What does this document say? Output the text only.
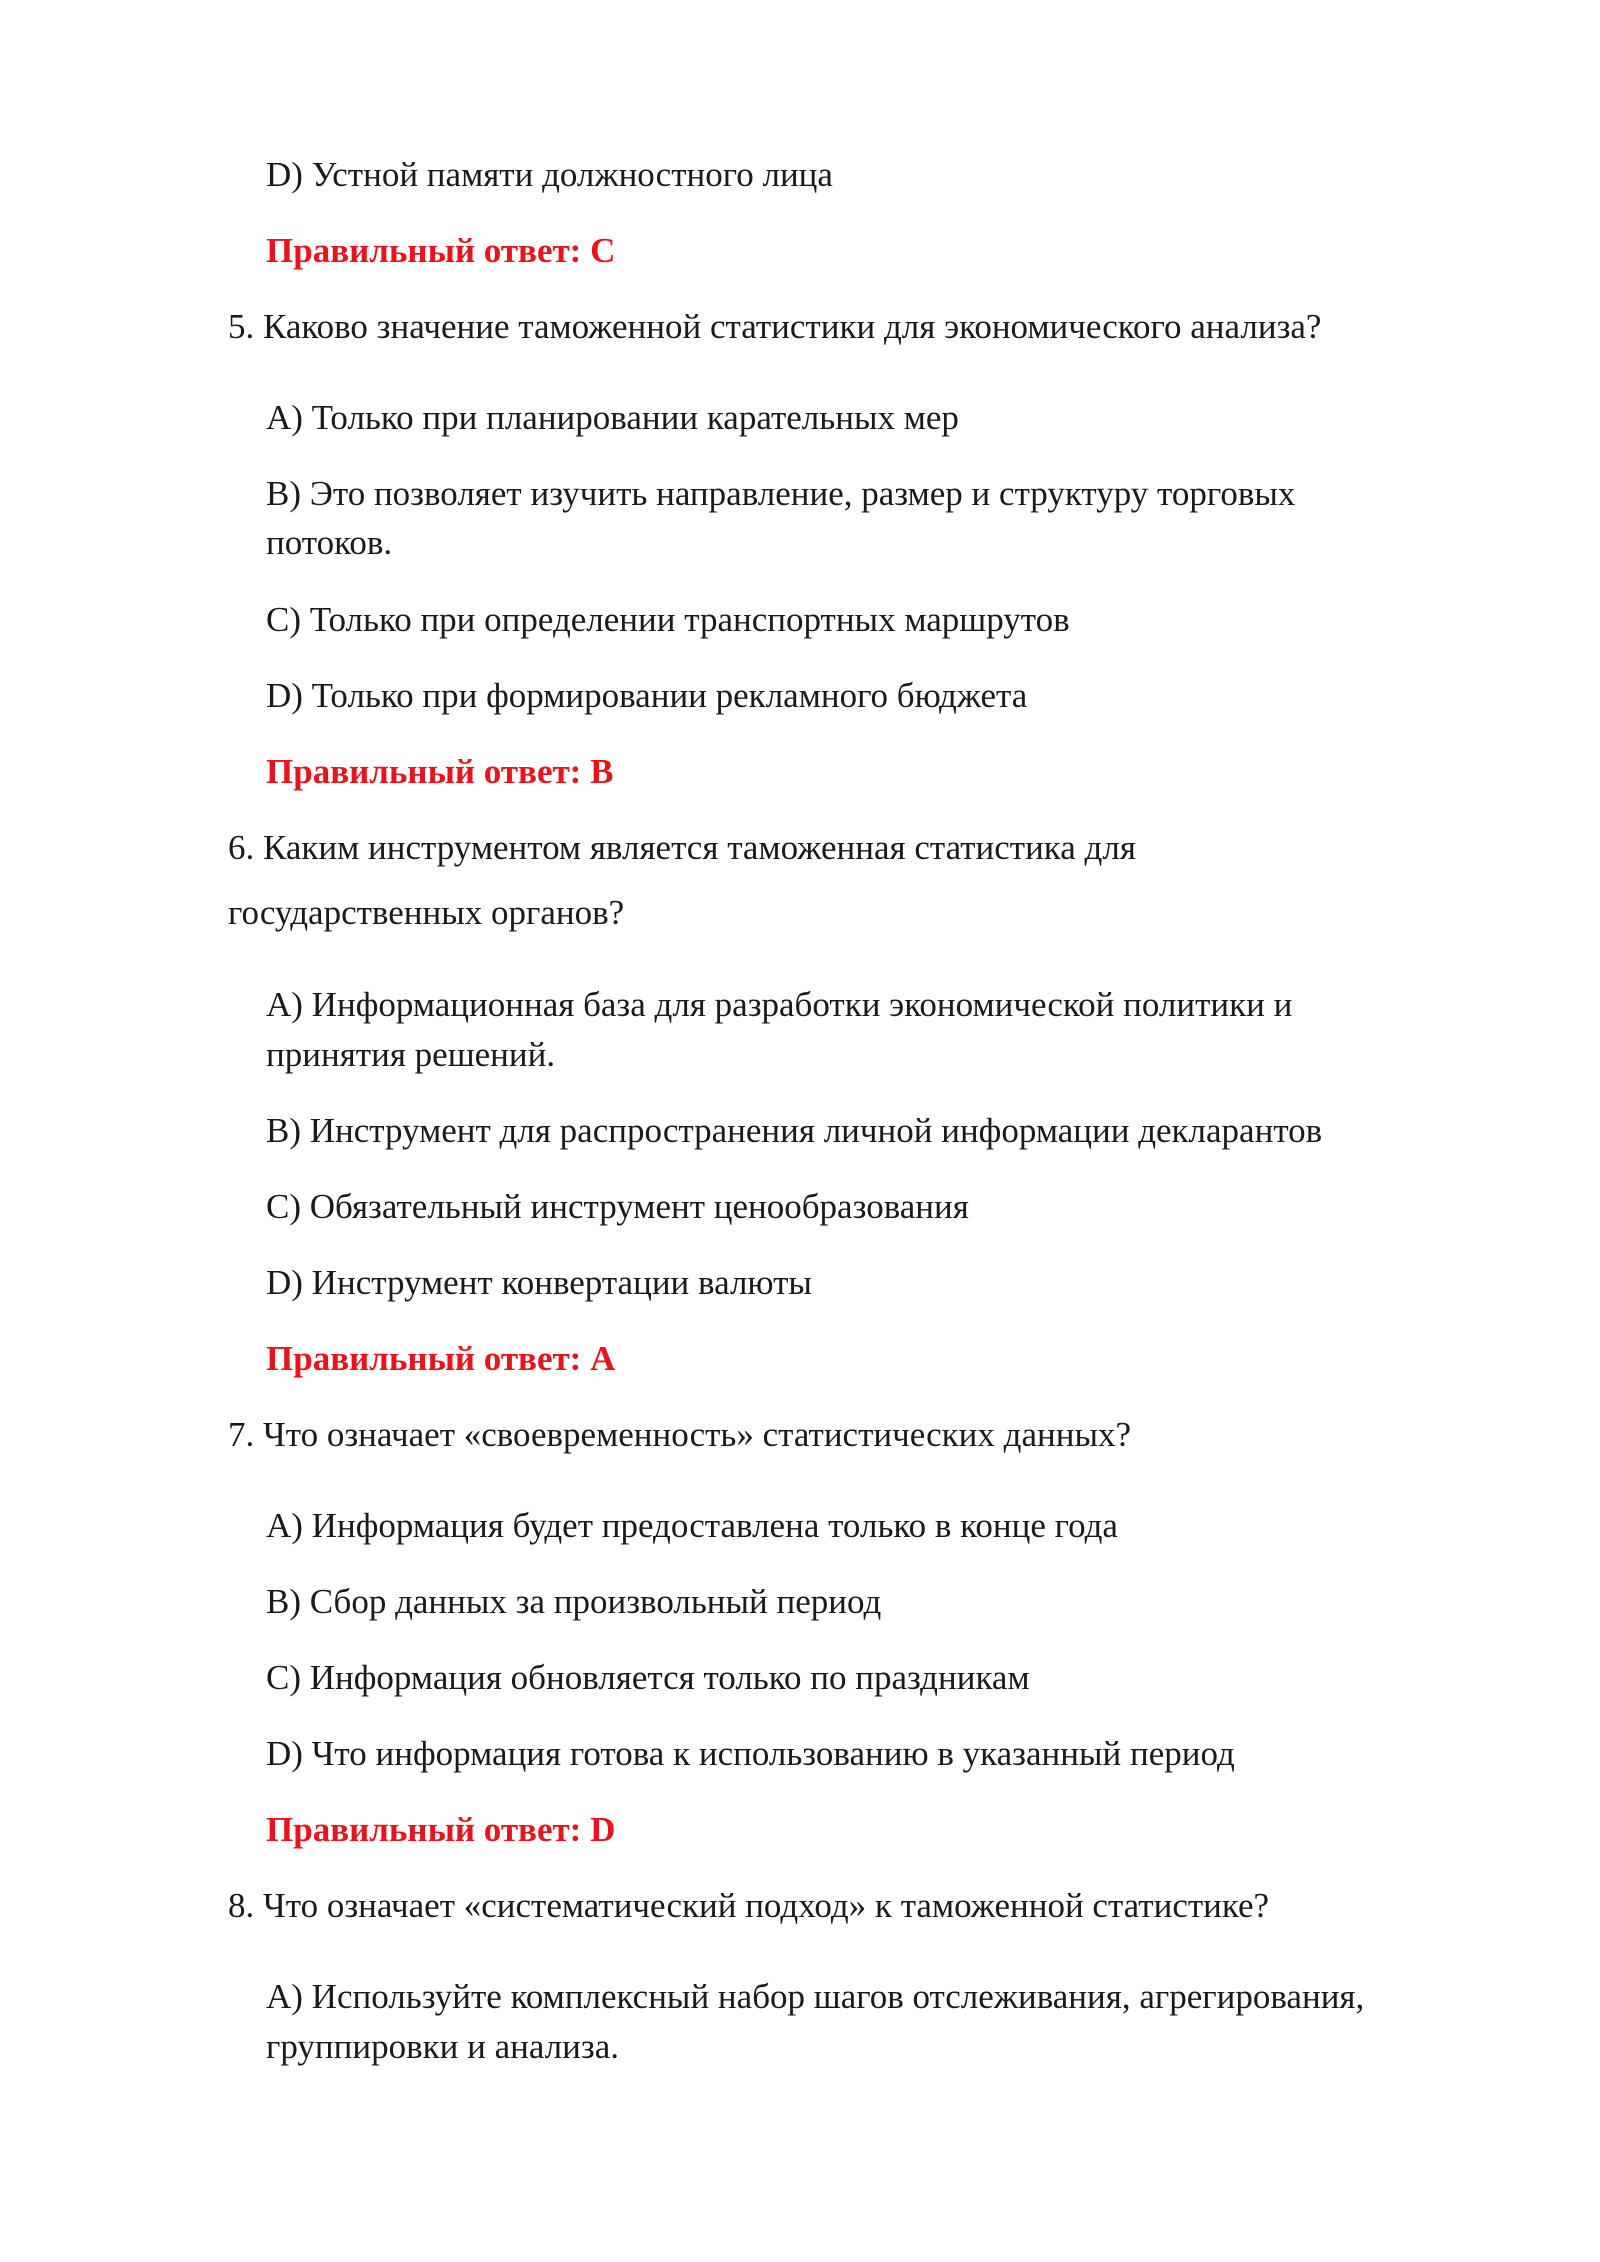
D) Устной памяти должностного лица
Правильный ответ: C
5. Каково значение таможенной статистики для экономического анализа?
A) Только при планировании карательных мер
B) Это позволяет изучить направление, размер и структуру торговых
потоков.
C) Только при определении транспортных маршрутов
D) Только при формировании рекламного бюджета
Правильный ответ: B
6. Каким инструментом является таможенная статистика для
государственных органов?
A) Информационная база для разработки экономической политики и
принятия решений.
B) Инструмент для распространения личной информации декларантов
C) Обязательный инструмент ценообразования
D) Инструмент конвертации валюты
Правильный ответ: A
7. Что означает «своевременность» статистических данных?
A) Информация будет предоставлена только в конце года
B) Сбор данных за произвольный период
C) Информация обновляется только по праздникам
D) Что информация готова к использованию в указанный период
Правильный ответ: D
8. Что означает «систематический подход» к таможенной статистике?
A) Используйте комплексный набор шагов отслеживания, агрегирования,
группировки и анализа.
